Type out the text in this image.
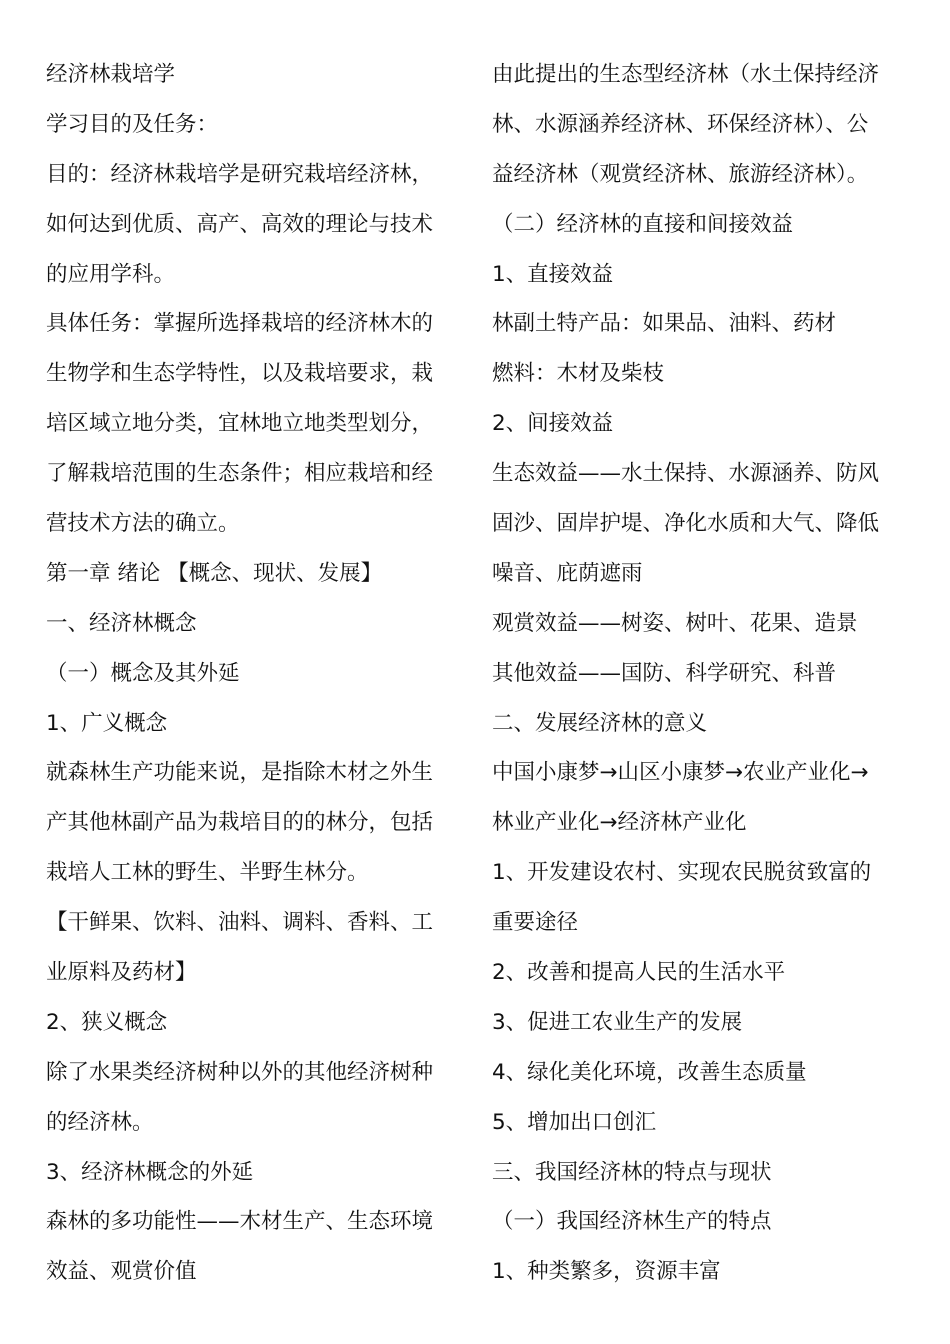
经济林栽培学
学习目的及任务：
目的：经济林栽培学是研究栽培经济林，
如何达到优质、高产、高效的理论与技术
的应用学科。
具体任务：掌握所选择栽培的经济林木的
生物学和生态学特性，以及栽培要求，栽
培区域立地分类，宜林地立地类型划分，
了解栽培范围的生态条件；相应栽培和经
营技术方法的确立。
第一章 绪论 【概念、现状、发展】
一、经济林概念
（一）概念及其外延
1、广义概念
就森林生产功能来说，是指除木材之外生
产其他林副产品为栽培目的的林分，包括
栽培人工林的野生、半野生林分。
【干鲜果、饮料、油料、调料、香料、工
业原料及药材】
2、狭义概念
除了水果类经济树种以外的其他经济树种
的经济林。
3、经济林概念的外延
森林的多功能性——木材生产、生态环境
效益、观赏价值
由此提出的生态型经济林（水土保持经济
林、水源涵养经济林、环保经济林）、公
益经济林（观赏经济林、旅游经济林）。
（二）经济林的直接和间接效益
1、直接效益
林副土特产品：如果品、油料、药材
燃料：木材及柴枝
2、间接效益
生态效益——水土保持、水源涵养、防风
固沙、固岸护堤、净化水质和大气、降低
噪音、庇荫遮雨
观赏效益——树姿、树叶、花果、造景
其他效益——国防、科学研究、科普
二、发展经济林的意义
中国小康梦→山区小康梦→农业产业化→
林业产业化→经济林产业化
1、开发建设农村、实现农民脱贫致富的
重要途径
2、改善和提高人民的生活水平
3、促进工农业生产的发展
4、绿化美化环境，改善生态质量
5、增加出口创汇
三、我国经济林的特点与现状
（一）我国经济林生产的特点
1、种类繁多，资源丰富
